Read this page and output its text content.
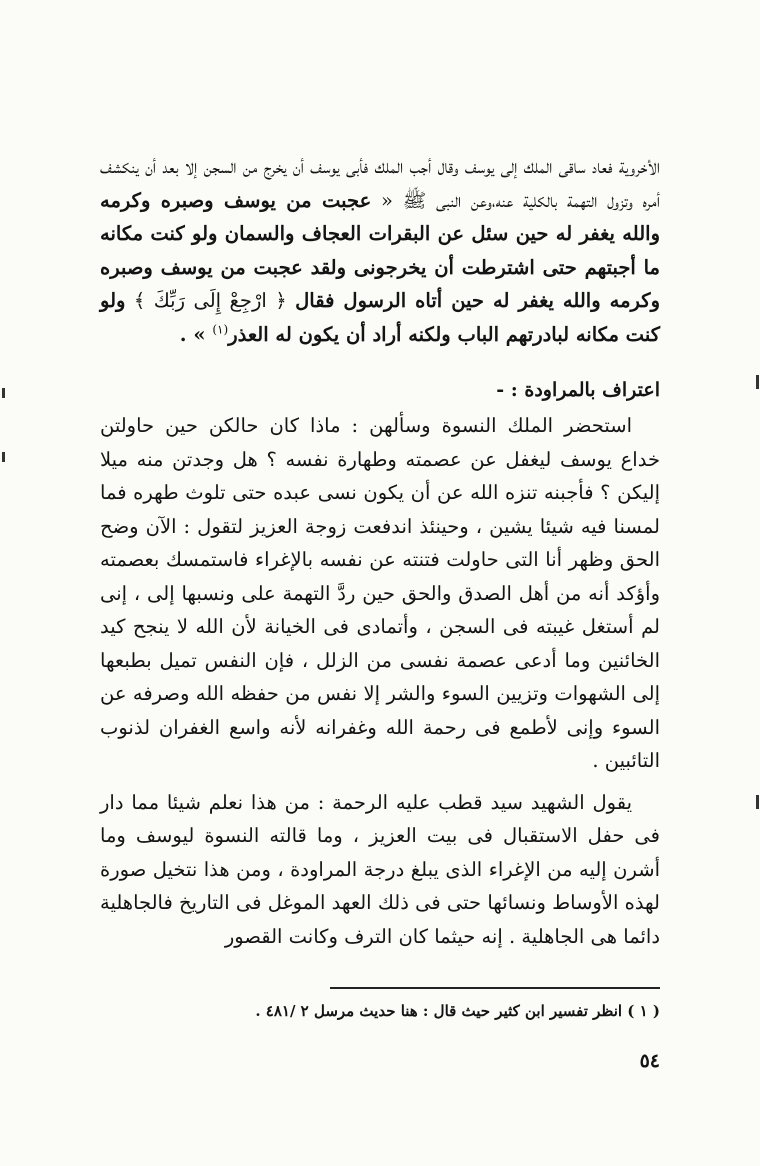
الأخروية فعاد ساقى الملك إلى يوسف وقال أجب الملك فأبى يوسف أن يخرج من السجن إلا بعد أن ينكشف أمره وتزول التهمة بالكلية عنه،وعن النبى ﷺ « عجبت من يوسف وصبره وكرمه والله يغفر له حين سئل عن البقرات العجاف والسمان ولو كنت مكانه ما أجبتهم حتى اشترطت أن يخرجونى ولقد عجبت من يوسف وصبره وكرمه والله يغفر له حين أتاه الرسول فقال ﴿ ارْجِعْ إِلَى رَبِّكَ ﴾ ولو كنت مكانه لبادرتهم الباب ولكنه أراد أن يكون له العذر$^{(١)}$ » .

اعتراف بالمراودة : -

استحضر الملك النسوة وسألهن : ماذا كان حالكن حين حاولتن خداع يوسف ليغفل عن عصمته وطهارة نفسه ؟ هل وجدتن منه ميلا إليكن ؟ فأجبنه تنزه الله عن أن يكون نسى عبده حتى تلوث طهره فما لمسنا فيه شيئا يشين ، وحينئذ اندفعت زوجة العزيز لتقول : الآن وضح الحق وظهر أنا التى حاولت فتنته عن نفسه بالإغراء فاستمسك بعصمته وأؤكد أنه من أهل الصدق والحق حين ردَّ التهمة على ونسبها إلى ، إنى لم أستغل غيبته فى السجن ، وأتمادى فى الخيانة لأن الله لا ينجح كيد الخائنين وما أدعى عصمة نفسى من الزلل ، فإن النفس تميل بطبعها إلى الشهوات وتزيين السوء والشر إلا نفس من حفظه الله وصرفه عن السوء وإنى لأطمع فى رحمة الله وغفرانه لأنه واسع الغفران لذنوب التائبين .

يقول الشهيد سيد قطب عليه الرحمة : من هذا نعلم شيئا مما دار فى حفل الاستقبال فى بيت العزيز ، وما قالته النسوة ليوسف وما أشرن إليه من الإغراء الذى يبلغ درجة المراودة ، ومن هذا نتخيل صورة لهذه الأوساط ونسائها حتى فى ذلك العهد الموغل فى التاريخ فالجاهلية دائما هى الجاهلية . إنه حيثما كان الترف وكانت القصور

( ١ ) انظر تفسير ابن كثير حيث قال : هنا حديث مرسل ٢ /٤٨١ .
٥٤
